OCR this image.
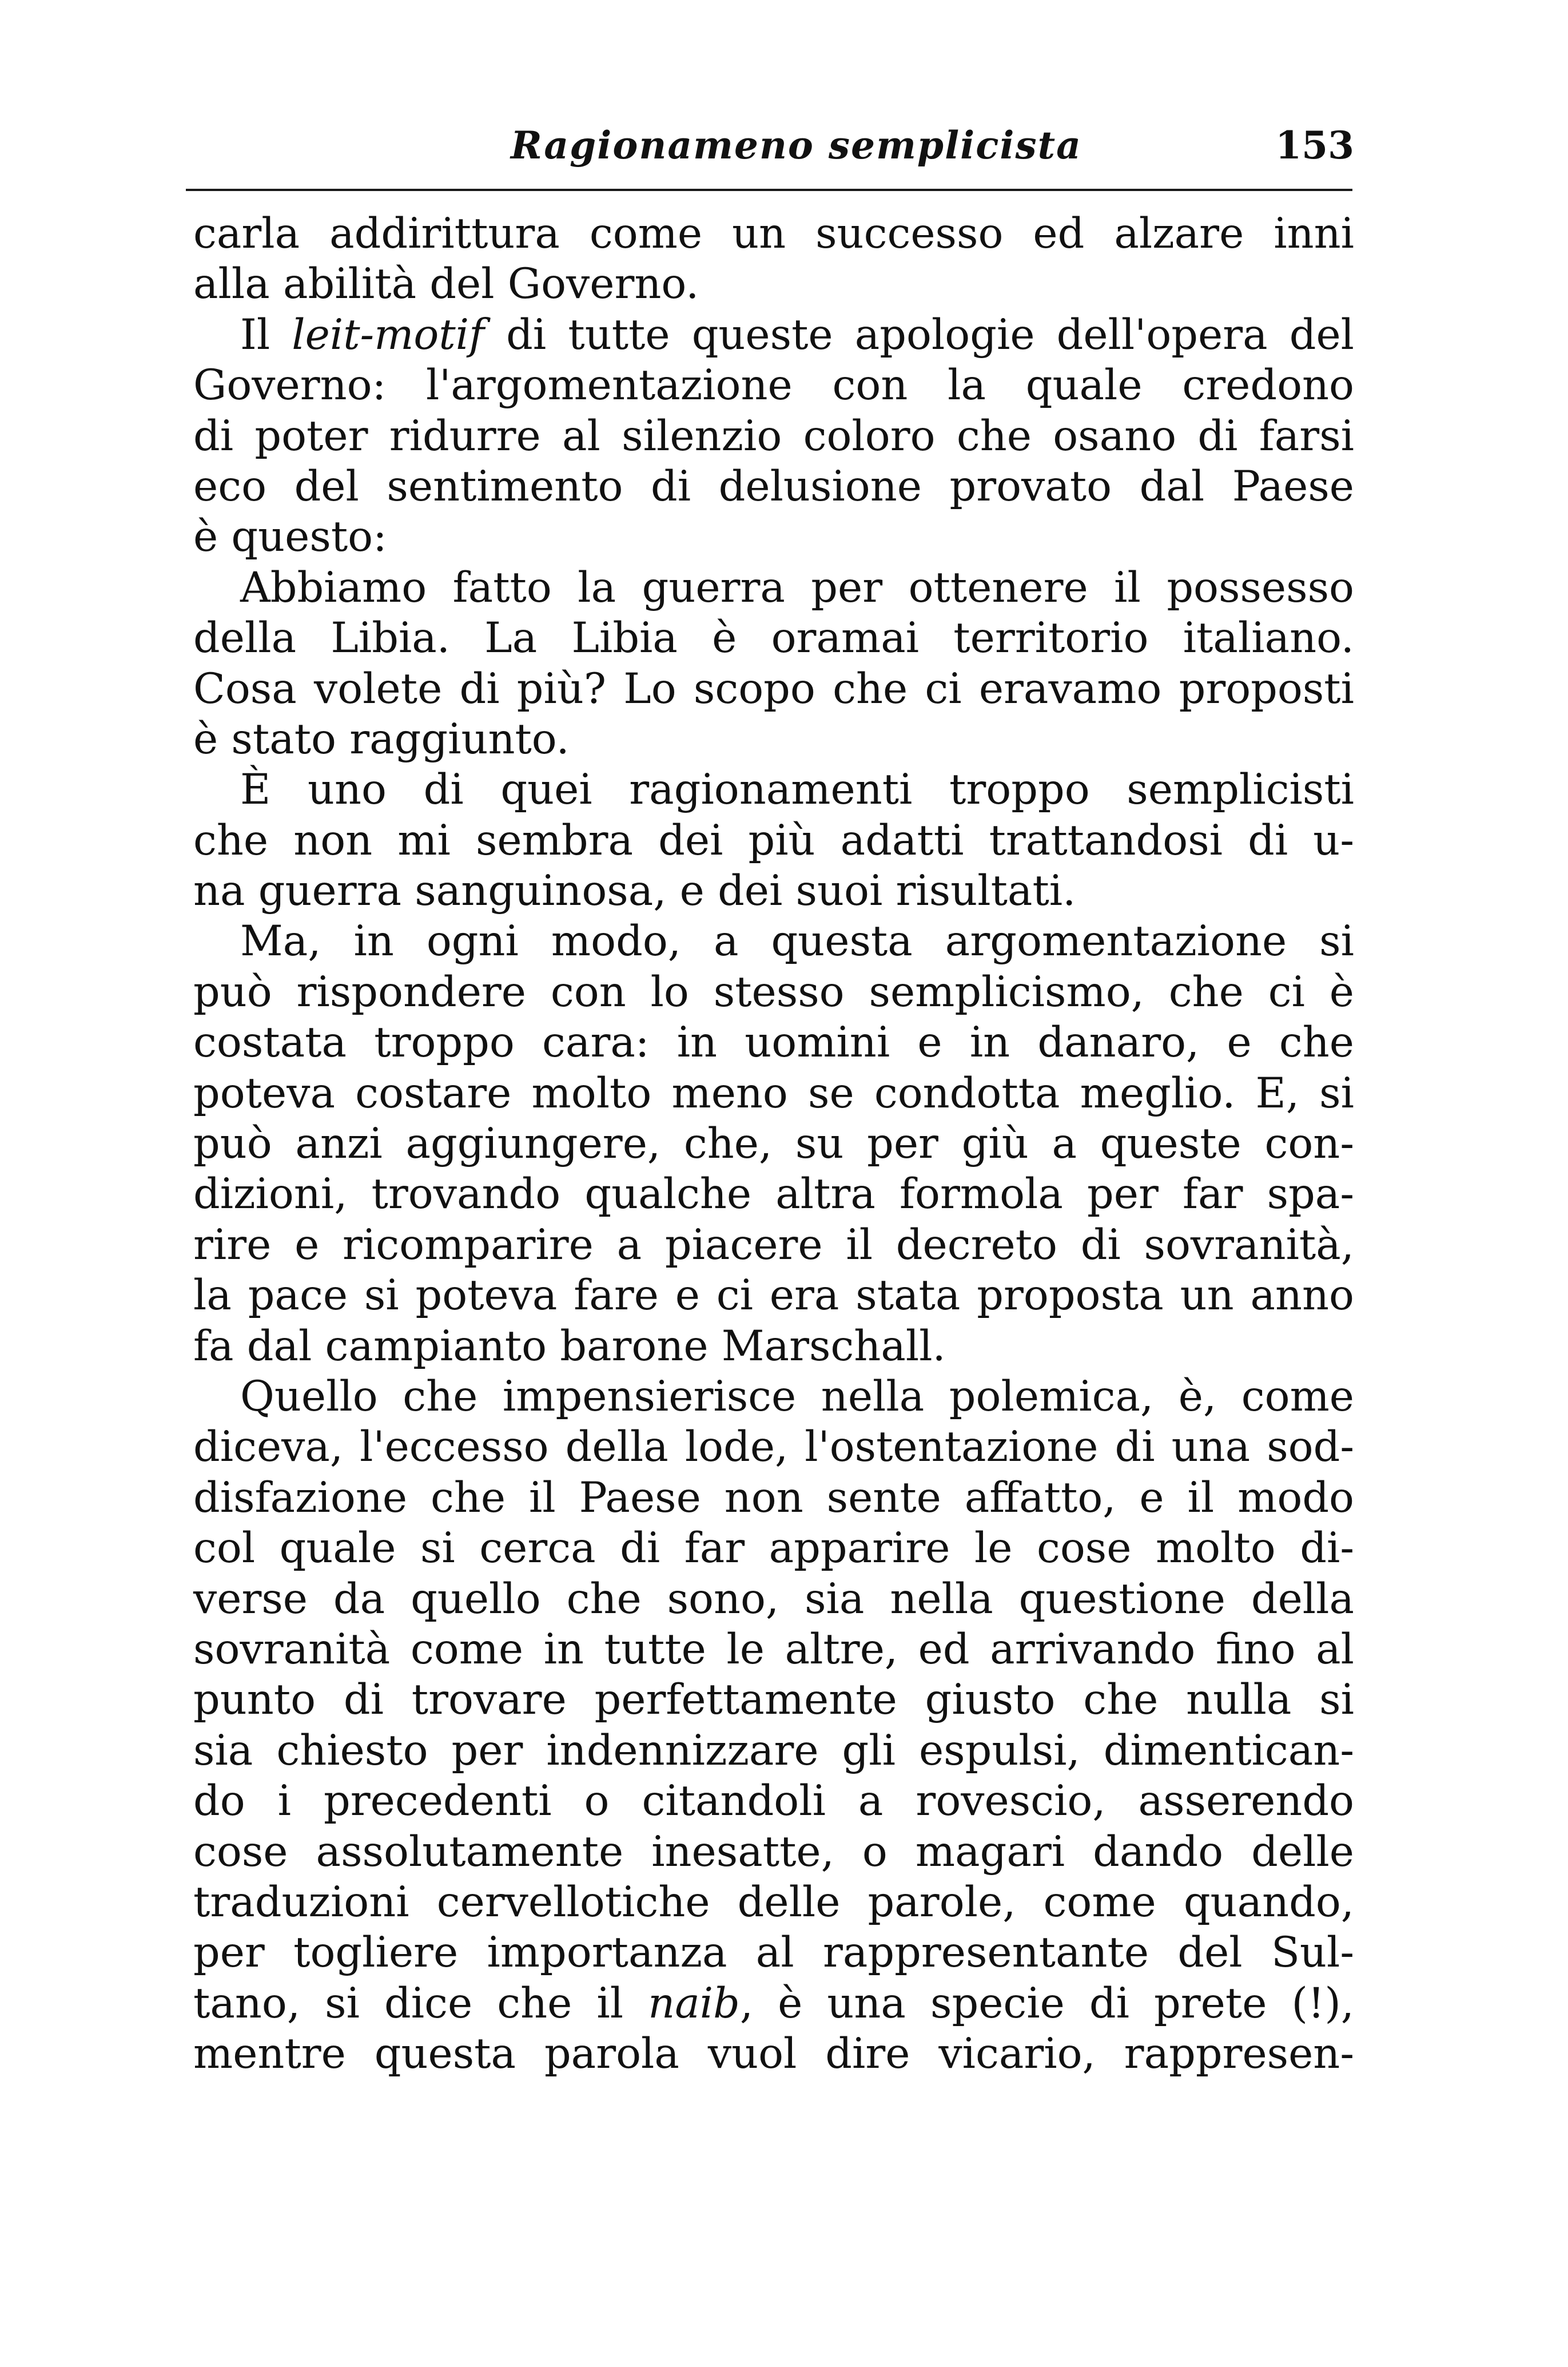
Ragionameno semplicista	153
carla addirittura come un successo ed alzare inni
alla abilità del Governo.
Il leit-motif di tutte queste apologie dell'opera del
Governo: l'argomentazione con la quale credono
di poter ridurre al silenzio coloro che osano di farsi
eco del sentimento di delusione provato dal Paese
è questo:
Abbiamo fatto la guerra per ottenere il possesso
della Libia. La Libia è oramai territorio italiano.
Cosa volete di più? Lo scopo che ci eravamo proposti
è stato raggiunto.
È uno di quei ragionamenti troppo semplicisti
che non mi sembra dei più adatti trattandosi di u-
na guerra sanguinosa, e dei suoi risultati.
Ma, in ogni modo, a questa argomentazione si
può rispondere con lo stesso semplicismo, che ci è
costata troppo cara: in uomini e in danaro, e che
poteva costare molto meno se condotta meglio. E, si
può anzi aggiungere, che, su per giù a queste con-
dizioni, trovando qualche altra formola per far spa-
rire e ricomparire a piacere il decreto di sovranità,
la pace si poteva fare e ci era stata proposta un anno
fa dal campianto barone Marschall.
Quello che impensierisce nella polemica, è, come
diceva, l'eccesso della lode, l'ostentazione di una sod-
disfazione che il Paese non sente affatto, e il modo
col quale si cerca di far apparire le cose molto di-
verse da quello che sono, sia nella questione della
sovranità come in tutte le altre, ed arrivando fino al
punto di trovare perfettamente giusto che nulla si
sia chiesto per indennizzare gli espulsi, dimentican-
do i precedenti o citandoli a rovescio, asserendo
cose assolutamente inesatte, o magari dando delle
traduzioni cervellotiche delle parole, come quando,
per togliere importanza al rappresentante del Sul-
tano, si dice che il naib, è una specie di prete (!),
mentre questa parola vuol dire vicario, rappresen-
